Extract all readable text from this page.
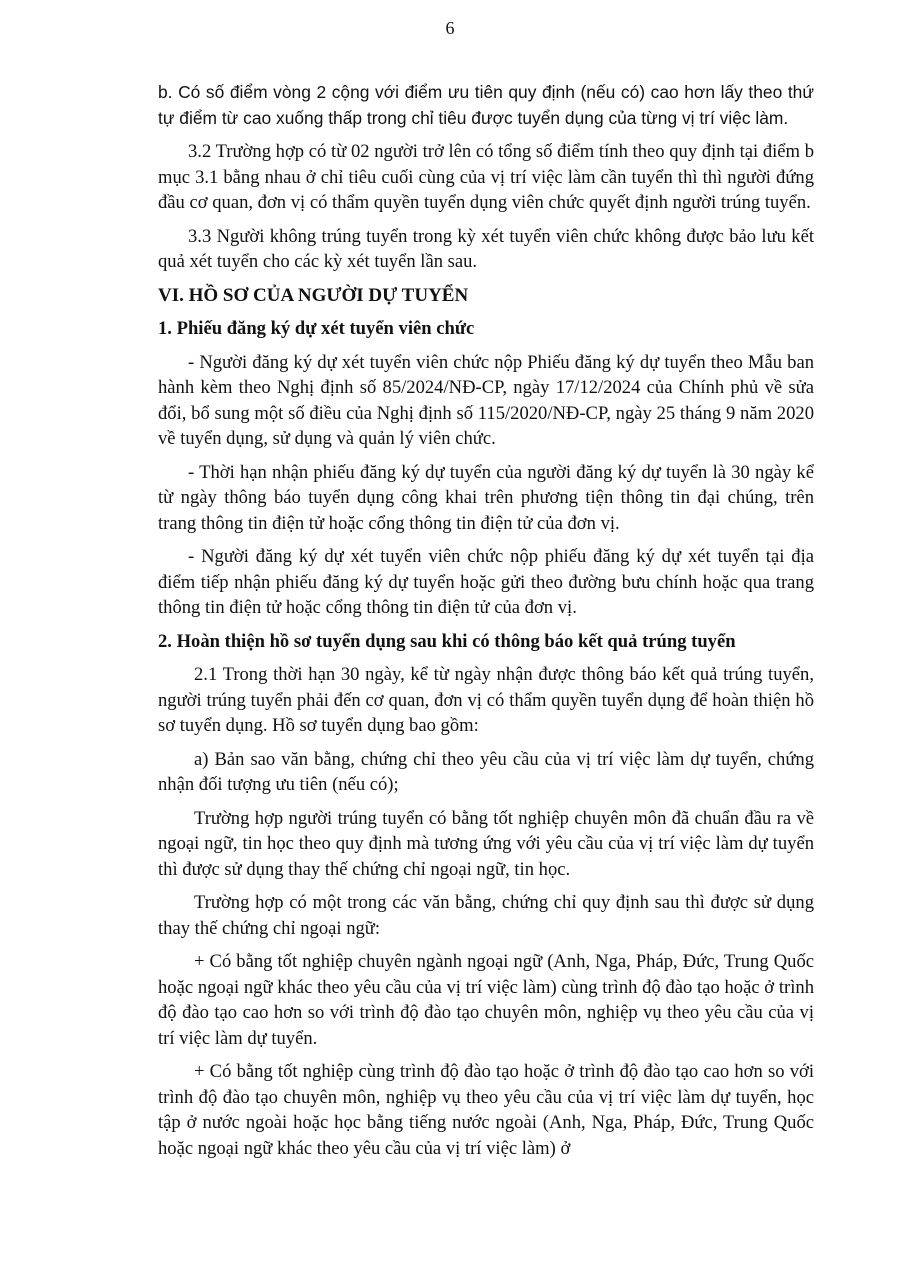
6

b. Có số điểm vòng 2 cộng với điểm ưu tiên quy định (nếu có) cao hơn lấy theo thứ tự điểm từ cao xuống thấp trong chỉ tiêu được tuyển dụng của từng vị trí việc làm.

3.2 Trường hợp có từ 02 người trở lên có tổng số điểm tính theo quy định tại điểm b mục 3.1 bằng nhau ở chỉ tiêu cuối cùng của vị trí việc làm cần tuyển thì thì người đứng đầu cơ quan, đơn vị có thẩm quyền tuyển dụng viên chức quyết định người trúng tuyển.

3.3 Người không trúng tuyển trong kỳ xét tuyển viên chức không được bảo lưu kết quả xét tuyển cho các kỳ xét tuyển lần sau.

VI. HỒ SƠ CỦA NGƯỜI DỰ TUYỂN
1. Phiếu đăng ký dự xét tuyển viên chức

- Người đăng ký dự xét tuyển viên chức nộp Phiếu đăng ký dự tuyển theo Mẫu ban hành kèm theo Nghị định số 85/2024/NĐ-CP, ngày 17/12/2024 của Chính phủ về sửa đổi, bổ sung một số điều của Nghị định số 115/2020/NĐ-CP, ngày 25 tháng 9 năm 2020 về tuyển dụng, sử dụng và quản lý viên chức.

- Thời hạn nhận phiếu đăng ký dự tuyển của người đăng ký dự tuyển là 30 ngày kể từ ngày thông báo tuyển dụng công khai trên phương tiện thông tin đại chúng, trên trang thông tin điện tử hoặc cổng thông tin điện tử của đơn vị.

- Người đăng ký dự xét tuyển viên chức nộp phiếu đăng ký dự xét tuyển tại địa điểm tiếp nhận phiếu đăng ký dự tuyển hoặc gửi theo đường bưu chính hoặc qua trang thông tin điện tử hoặc cổng thông tin điện tử của đơn vị.

2. Hoàn thiện hồ sơ tuyển dụng sau khi có thông báo kết quả trúng tuyển

2.1 Trong thời hạn 30 ngày, kể từ ngày nhận được thông báo kết quả trúng tuyển, người trúng tuyển phải đến cơ quan, đơn vị có thẩm quyền tuyển dụng để hoàn thiện hồ sơ tuyển dụng. Hồ sơ tuyển dụng bao gồm:

a) Bản sao văn bằng, chứng chỉ theo yêu cầu của vị trí việc làm dự tuyển, chứng nhận đối tượng ưu tiên (nếu có);

Trường hợp người trúng tuyển có bằng tốt nghiệp chuyên môn đã chuẩn đầu ra về ngoại ngữ, tin học theo quy định mà tương ứng với yêu cầu của vị trí việc làm dự tuyển thì được sử dụng thay thế chứng chỉ ngoại ngữ, tin học.

Trường hợp có một trong các văn bằng, chứng chỉ quy định sau thì được sử dụng thay thế chứng chỉ ngoại ngữ:

+ Có bằng tốt nghiệp chuyên ngành ngoại ngữ (Anh, Nga, Pháp, Đức, Trung Quốc hoặc ngoại ngữ khác theo yêu cầu của vị trí việc làm) cùng trình độ đào tạo hoặc ở trình độ đào tạo cao hơn so với trình độ đào tạo chuyên môn, nghiệp vụ theo yêu cầu của vị trí việc làm dự tuyển.

+ Có bằng tốt nghiệp cùng trình độ đào tạo hoặc ở trình độ đào tạo cao hơn so với trình độ đào tạo chuyên môn, nghiệp vụ theo yêu cầu của vị trí việc làm dự tuyển, học tập ở nước ngoài hoặc học bằng tiếng nước ngoài (Anh, Nga, Pháp, Đức, Trung Quốc hoặc ngoại ngữ khác theo yêu cầu của vị trí việc làm) ở
